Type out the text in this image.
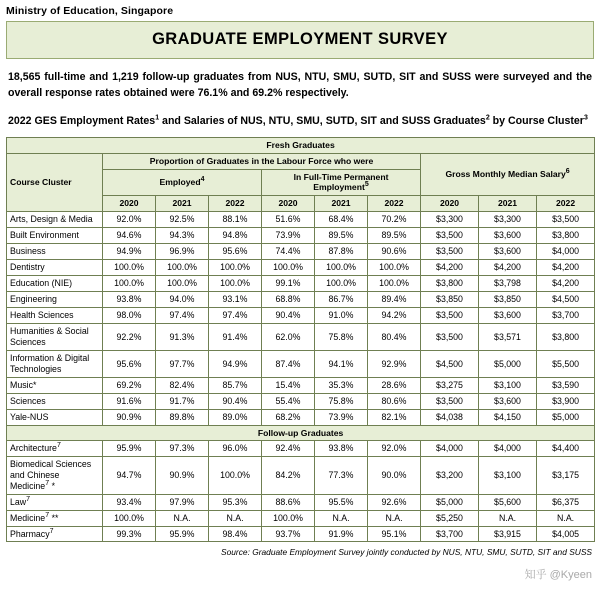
Ministry of Education, Singapore
GRADUATE EMPLOYMENT SURVEY
18,565 full-time and 1,219 follow-up graduates from NUS, NTU, SMU, SUTD, SIT and SUSS were surveyed and the overall response rates obtained were 76.1% and 69.2% respectively.
2022 GES Employment Rates$^1$ and Salaries of NUS, NTU, SMU, SUTD, SIT and SUSS Graduates$^2$ by Course Cluster$^3$
Fresh Graduates									
Course Cluster	Proportion of Graduates in the Labour Force who were						Gross Monthly Median Salary$^6$
	Employed$^4$			In Full-Time Permanent Employment$^5$
	2020	2021	2022	2020	2021	2022	2020	2021	2022
Arts, Design & Media	92.0%	92.5%	88.1%	51.6%	68.4%	70.2%	$3,300	$3,300	$3,500
Built Environment	94.6%	94.3%	94.8%	73.9%	89.5%	89.5%	$3,500	$3,600	$3,800
Business	94.9%	96.9%	95.6%	74.4%	87.8%	90.6%	$3,500	$3,600	$4,000
Dentistry	100.0%	100.0%	100.0%	100.0%	100.0%	100.0%	$4,200	$4,200	$4,200
Education (NIE)	100.0%	100.0%	100.0%	99.1%	100.0%	100.0%	$3,800	$3,798	$4,200
Engineering	93.8%	94.0%	93.1%	68.8%	86.7%	89.4%	$3,850	$3,850	$4,500
Health Sciences	98.0%	97.4%	97.4%	90.4%	91.0%	94.2%	$3,500	$3,600	$3,700
Humanities & Social Sciences	92.2%	91.3%	91.4%	62.0%	75.8%	80.4%	$3,500	$3,571	$3,800
Information & Digital Technologies	95.6%	97.7%	94.9%	87.4%	94.1%	92.9%	$4,500	$5,000	$5,500
Music*	69.2%	82.4%	85.7%	15.4%	35.3%	28.6%	$3,275	$3,100	$3,590
Sciences	91.6%	91.7%	90.4%	55.4%	75.8%	80.6%	$3,500	$3,600	$3,900
Yale-NUS	90.9%	89.8%	89.0%	68.2%	73.9%	82.1%	$4,038	$4,150	$5,000
Follow-up Graduates									
Architecture$^7$	95.9%	97.3%	96.0%	92.4%	93.8%	92.0%	$4,000	$4,000	$4,400
Biomedical Sciences and Chinese Medicine$^7$ *	94.7%	90.9%	100.0%	84.2%	77.3%	90.0%	$3,200	$3,100	$3,175
Law$^7$	93.4%	97.9%	95.3%	88.6%	95.5%	92.6%	$5,000	$5,600	$6,375
Medicine$^7$ **	100.0%	N.A.	N.A.	100.0%	N.A.	N.A.	$5,250	N.A.	N.A.
Pharmacy$^7$	99.3%	95.9%	98.4%	93.7%	91.9%	95.1%	$3,700	$3,915	$4,005
Source: Graduate Employment Survey jointly conducted by NUS, NTU, SMU, SUTD, SIT and SUSS
知乎 @Kyeen
